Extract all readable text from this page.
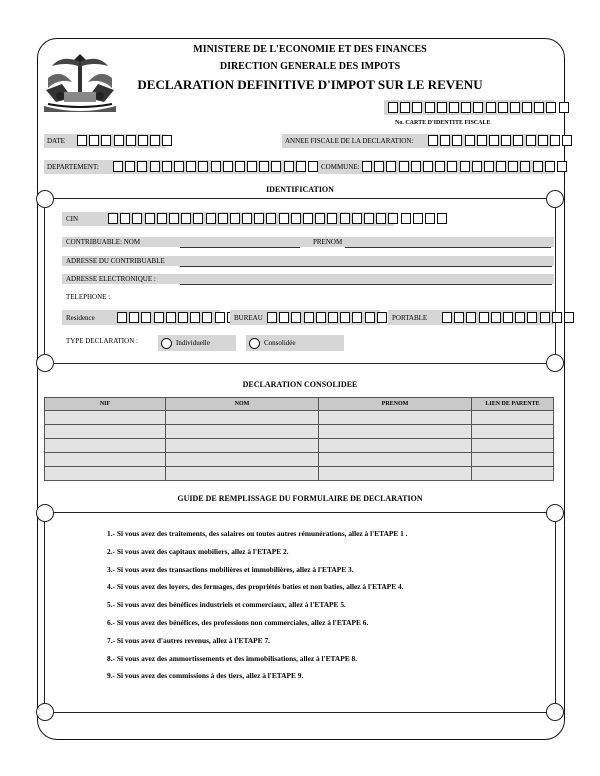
MINISTERE DE L'ECONOMIE ET DES FINANCES
DIRECTION GENERALE DES IMPOTS
DECLARATION DEFINITIVE D'IMPOT SUR LE REVENU
No. CARTE D'IDENTITE FISCALE
DATE	ANNEE FISCALE DE LA DECLARATION:
DEPARTEMENT:	COMMUNE:
IDENTIFICATION
CIN
CONTRIBUABLE: NOM	PRENOM
ADRESSE DU CONTRIBUABLE
ADRESSE ELECTRONIQUE :
TELEPHONE :
Residence	BUREAU	PORTABLE
TYPE DECLARATION :	Individuelle	Consolidée
DECLARATION CONSOLIDEE
NIF	NOM	PRENOM	LIEN DE PARENTE

GUIDE DE REMPLISSAGE DU FORMULAIRE DE DECLARATION
1.- Si vous avez des traitements, des salaires ou toutes autres rémunérations, allez à l'ETAPE 1 .
2.- Si vous avez des capitaux mobiliers, allez à l'ETAPE 2.
3.- Si vous avez des transactions mobilières et immobilières, allez à l'ETAPE 3.
4.- Si vous avez des loyers, des fermages, des propriétés baties et non baties, allez à l'ETAPE 4.
5.- Si vous avez des bénéfices industriels et commerciaux, allez à l'ETAPE 5.
6.- Si vous avez des bénéfices, des professions non commerciales, allez à l'ETAPE 6.
7.- Si vous avez d'autres revenus, allez à l'ETAPE 7.
8.- Si vous avez des ammortissements et des immobilisations, allez à l'ETAPE 8.
9.- Si vous avez des commissions à des tiers, allez à l'ETAPE 9.
